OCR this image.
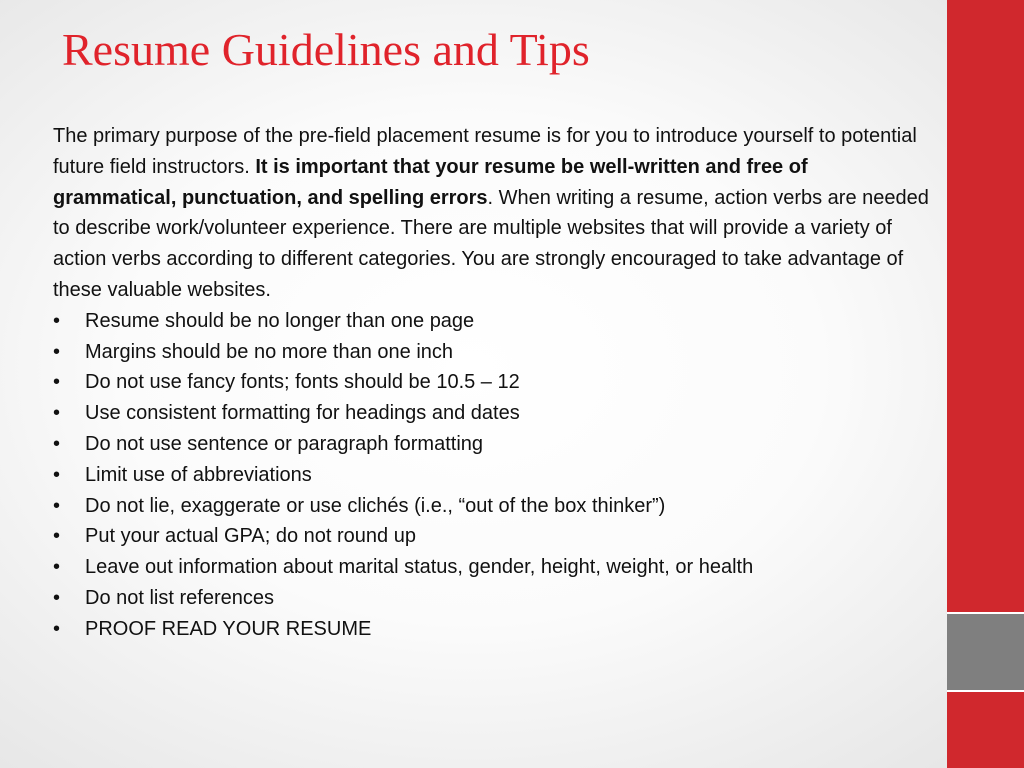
Resume Guidelines and Tips

The primary purpose of the pre-field placement resume is for you to introduce yourself to potential future field instructors. It is important that your resume be well-written and free of grammatical, punctuation, and spelling errors. When writing a resume, action verbs are needed to describe work/volunteer experience. There are multiple websites that will provide a variety of action verbs according to different categories. You are strongly encouraged to take advantage of these valuable websites.

• Resume should be no longer than one page
• Margins should be no more than one inch
• Do not use fancy fonts; fonts should be 10.5 – 12
• Use consistent formatting for headings and dates
• Do not use sentence or paragraph formatting
• Limit use of abbreviations
• Do not lie, exaggerate or use clichés (i.e., “out of the box thinker”)
• Put your actual GPA; do not round up
• Leave out information about marital status, gender, height, weight, or health
• Do not list references
• PROOF READ YOUR RESUME
